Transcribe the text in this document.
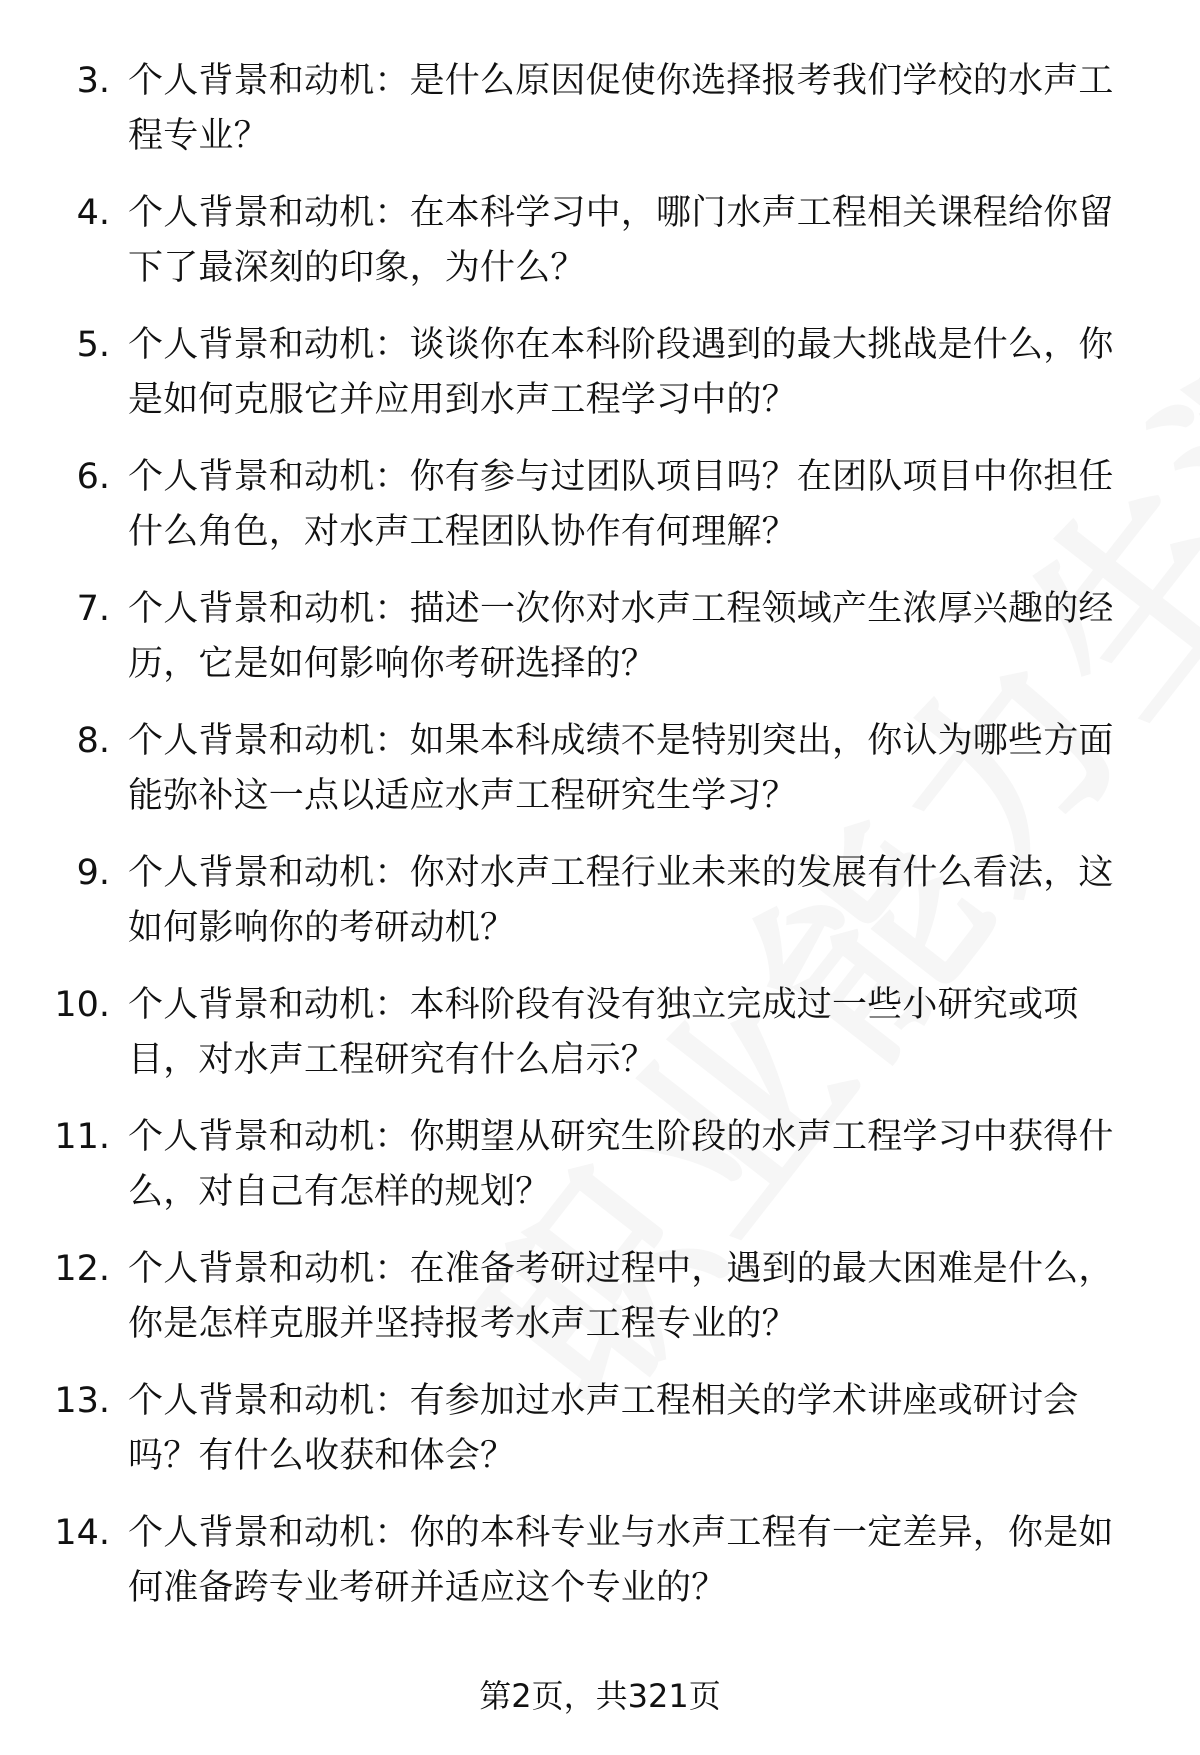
3. 个人背景和动机：是什么原因促使你选择报考我们学校的水声工程专业？
4. 个人背景和动机：在本科学习中，哪门水声工程相关课程给你留下了最深刻的印象，为什么？
5. 个人背景和动机：谈谈你在本科阶段遇到的最大挑战是什么，你是如何克服它并应用到水声工程学习中的？
6. 个人背景和动机：你有参与过团队项目吗？在团队项目中你担任什么角色，对水声工程团队协作有何理解？
7. 个人背景和动机：描述一次你对水声工程领域产生浓厚兴趣的经历，它是如何影响你考研选择的？
8. 个人背景和动机：如果本科成绩不是特别突出，你认为哪些方面能弥补这一点以适应水声工程研究生学习？
9. 个人背景和动机：你对水声工程行业未来的发展有什么看法，这如何影响你的考研动机？
10. 个人背景和动机：本科阶段有没有独立完成过一些小研究或项目，对水声工程研究有什么启示？
11. 个人背景和动机：你期望从研究生阶段的水声工程学习中获得什么，对自己有怎样的规划？
12. 个人背景和动机：在准备考研过程中，遇到的最大困难是什么，你是怎样克服并坚持报考水声工程专业的？
13. 个人背景和动机：有参加过水声工程相关的学术讲座或研讨会吗？有什么收获和体会？
14. 个人背景和动机：你的本科专业与水声工程有一定差异，你是如何准备跨专业考研并适应这个专业的？
第2页，共321页
